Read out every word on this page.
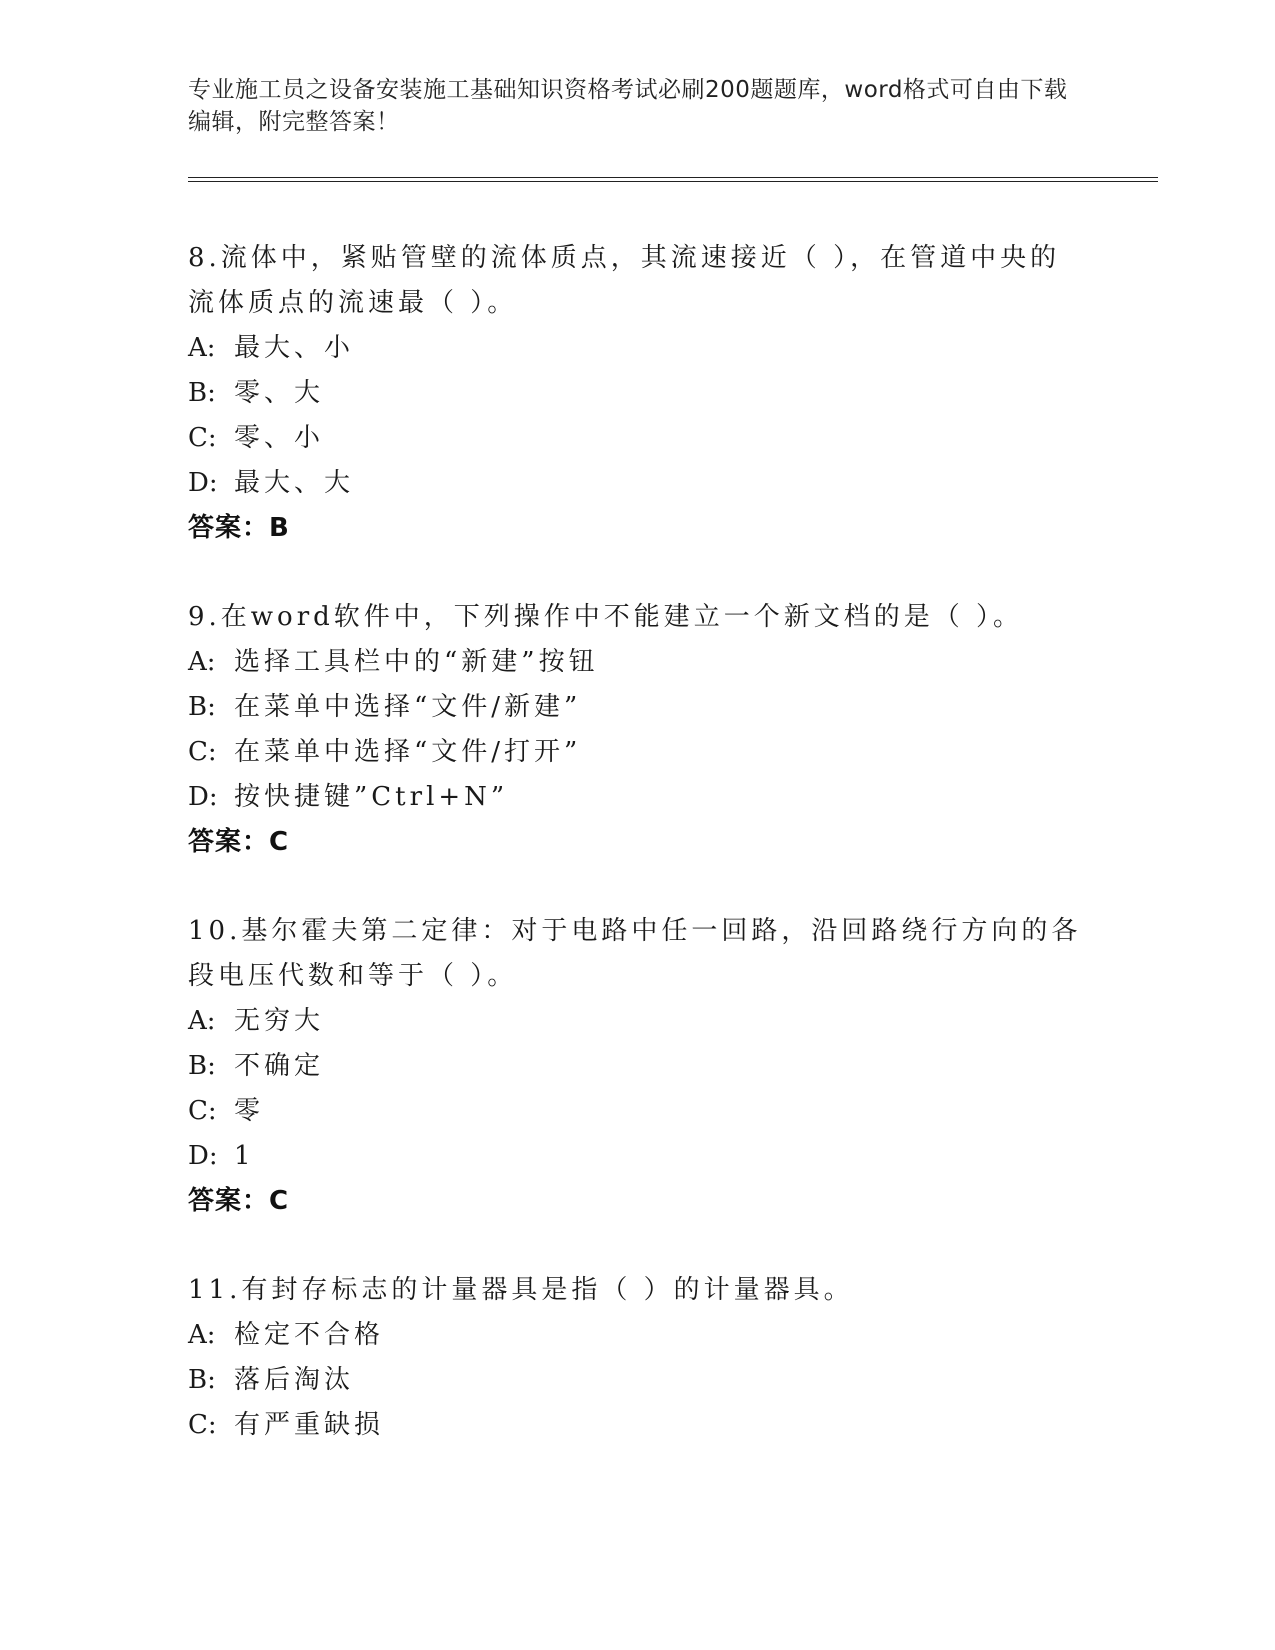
专业施工员之设备安装施工基础知识资格考试必刷200题题库，word格式可自由下载编辑，附完整答案！
8.流体中，紧贴管壁的流体质点，其流速接近（ ），在管道中央的流体质点的流速最（ ）。
A: 最大、小
B: 零、大
C: 零、小
D: 最大、大
答案：B
9.在word软件中，下列操作中不能建立一个新文档的是（ ）。
A: 选择工具栏中的“新建”按钮
B: 在菜单中选择“文件/新建”
C: 在菜单中选择“文件/打开”
D: 按快捷键”Ctrl+N”
答案：C
10.基尔霍夫第二定律：对于电路中任一回路，沿回路绕行方向的各段电压代数和等于（ ）。
A: 无穷大
B: 不确定
C: 零
D: 1
答案：C
11.有封存标志的计量器具是指（ ）的计量器具。
A: 检定不合格
B: 落后淘汰
C: 有严重缺损
